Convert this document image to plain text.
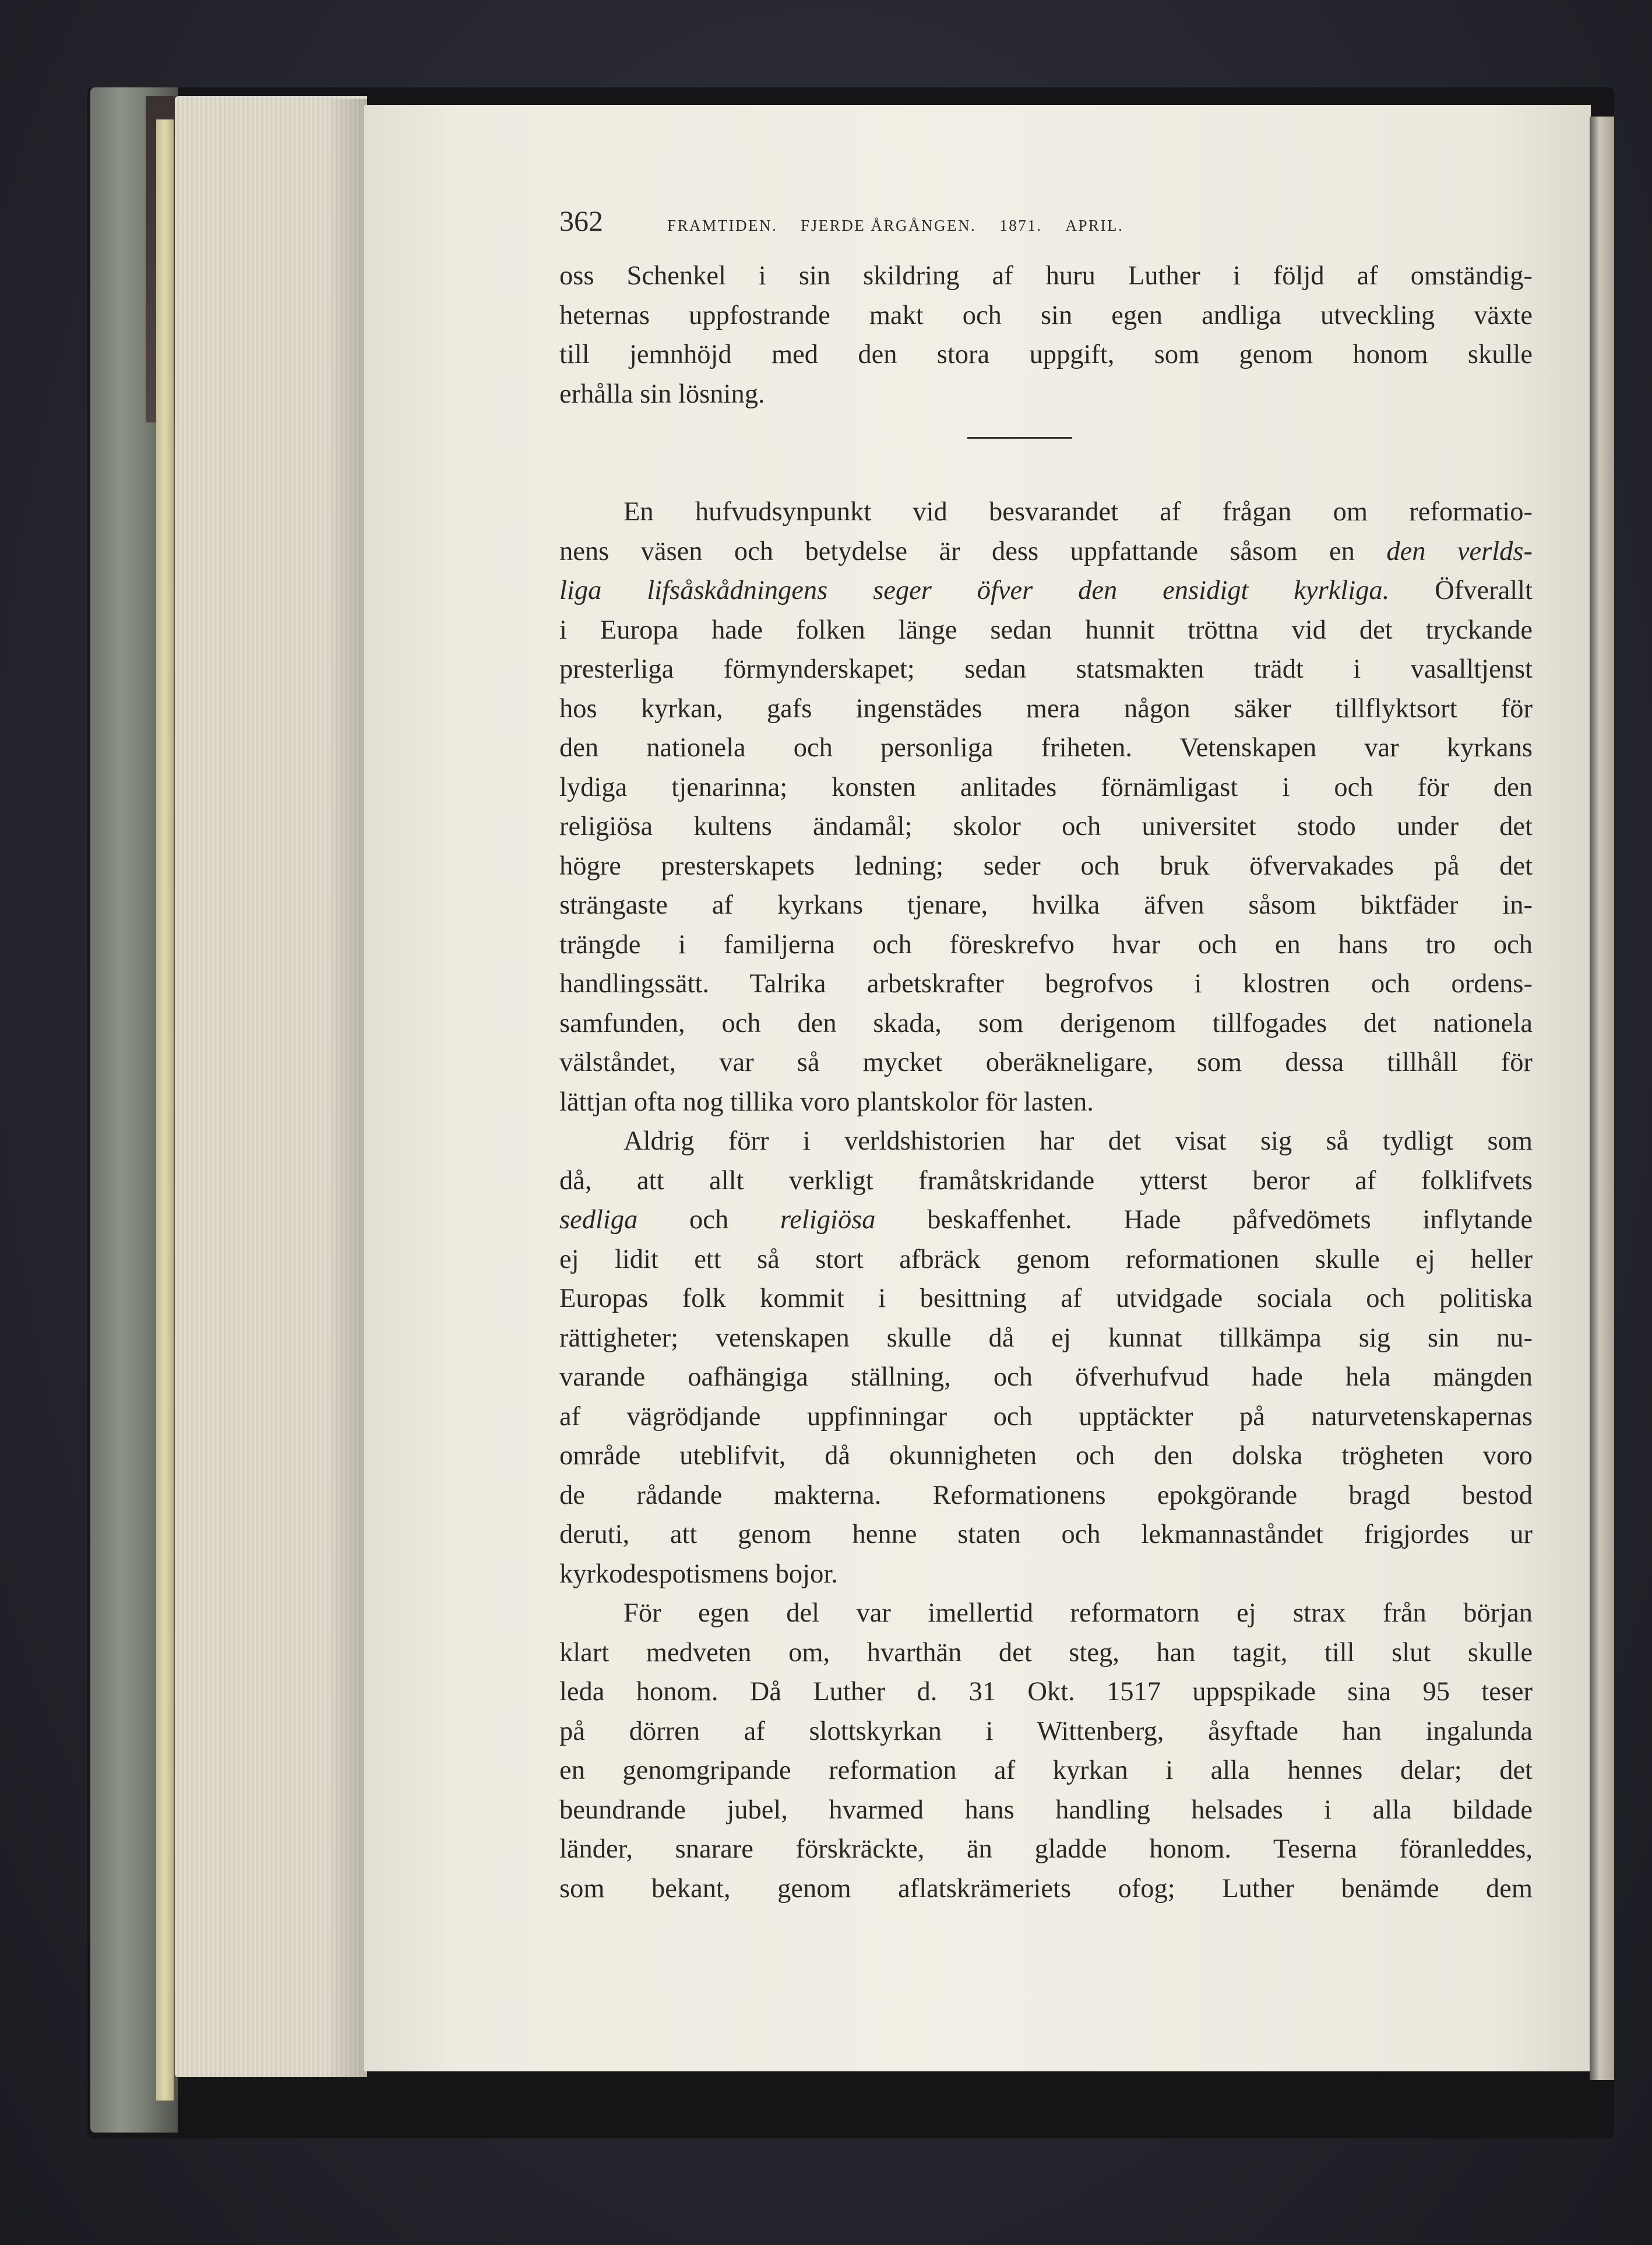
362	FRAMTIDEN. FJERDE ÅRGÅNGEN. 1871. APRIL.
oss Schenkel i sin skildring af huru Luther i följd af omständig-
heternas uppfostrande makt och sin egen andliga utveckling växte
till jemnhöjd med den stora uppgift, som genom honom skulle
erhålla sin lösning.
En hufvudsynpunkt vid besvarandet af frågan om reformatio-
nens väsen och betydelse är dess uppfattande såsom en den verlds-
liga lifsåskådningens seger öfver den ensidigt kyrkliga. Öfverallt
i Europa hade folken länge sedan hunnit tröttna vid det tryckande
presterliga förmynderskapet; sedan statsmakten trädt i vasalltjenst
hos kyrkan, gafs ingenstädes mera någon säker tillflyktsort för
den nationela och personliga friheten. Vetenskapen var kyrkans
lydiga tjenarinna; konsten anlitades förnämligast i och för den
religiösa kultens ändamål; skolor och universitet stodo under det
högre presterskapets ledning; seder och bruk öfvervakades på det
strängaste af kyrkans tjenare, hvilka äfven såsom biktfäder in-
trängde i familjerna och föreskrefvo hvar och en hans tro och
handlingssätt. Talrika arbetskrafter begrofvos i klostren och ordens-
samfunden, och den skada, som derigenom tillfogades det nationela
välståndet, var så mycket oberäkneligare, som dessa tillhåll för
lättjan ofta nog tillika voro plantskolor för lasten.
Aldrig förr i verldshistorien har det visat sig så tydligt som
då, att allt verkligt framåtskridande ytterst beror af folklifvets
sedliga och religiösa beskaffenhet. Hade påfvedömets inflytande
ej lidit ett så stort afbräck genom reformationen skulle ej heller
Europas folk kommit i besittning af utvidgade sociala och politiska
rättigheter; vetenskapen skulle då ej kunnat tillkämpa sig sin nu-
varande oafhängiga ställning, och öfverhufvud hade hela mängden
af vägrödjande uppfinningar och upptäckter på naturvetenskapernas
område uteblifvit, då okunnigheten och den dolska trögheten voro
de rådande makterna. Reformationens epokgörande bragd bestod
deruti, att genom henne staten och lekmannaståndet frigjordes ur
kyrkodespotismens bojor.
För egen del var imellertid reformatorn ej strax från början
klart medveten om, hvarthän det steg, han tagit, till slut skulle
leda honom. Då Luther d. 31 Okt. 1517 uppspikade sina 95 teser
på dörren af slottskyrkan i Wittenberg, åsyftade han ingalunda
en genomgripande reformation af kyrkan i alla hennes delar; det
beundrande jubel, hvarmed hans handling helsades i alla bildade
länder, snarare förskräckte, än gladde honom. Teserna föranleddes,
som bekant, genom aflatskrämeriets ofog; Luther benämde dem
